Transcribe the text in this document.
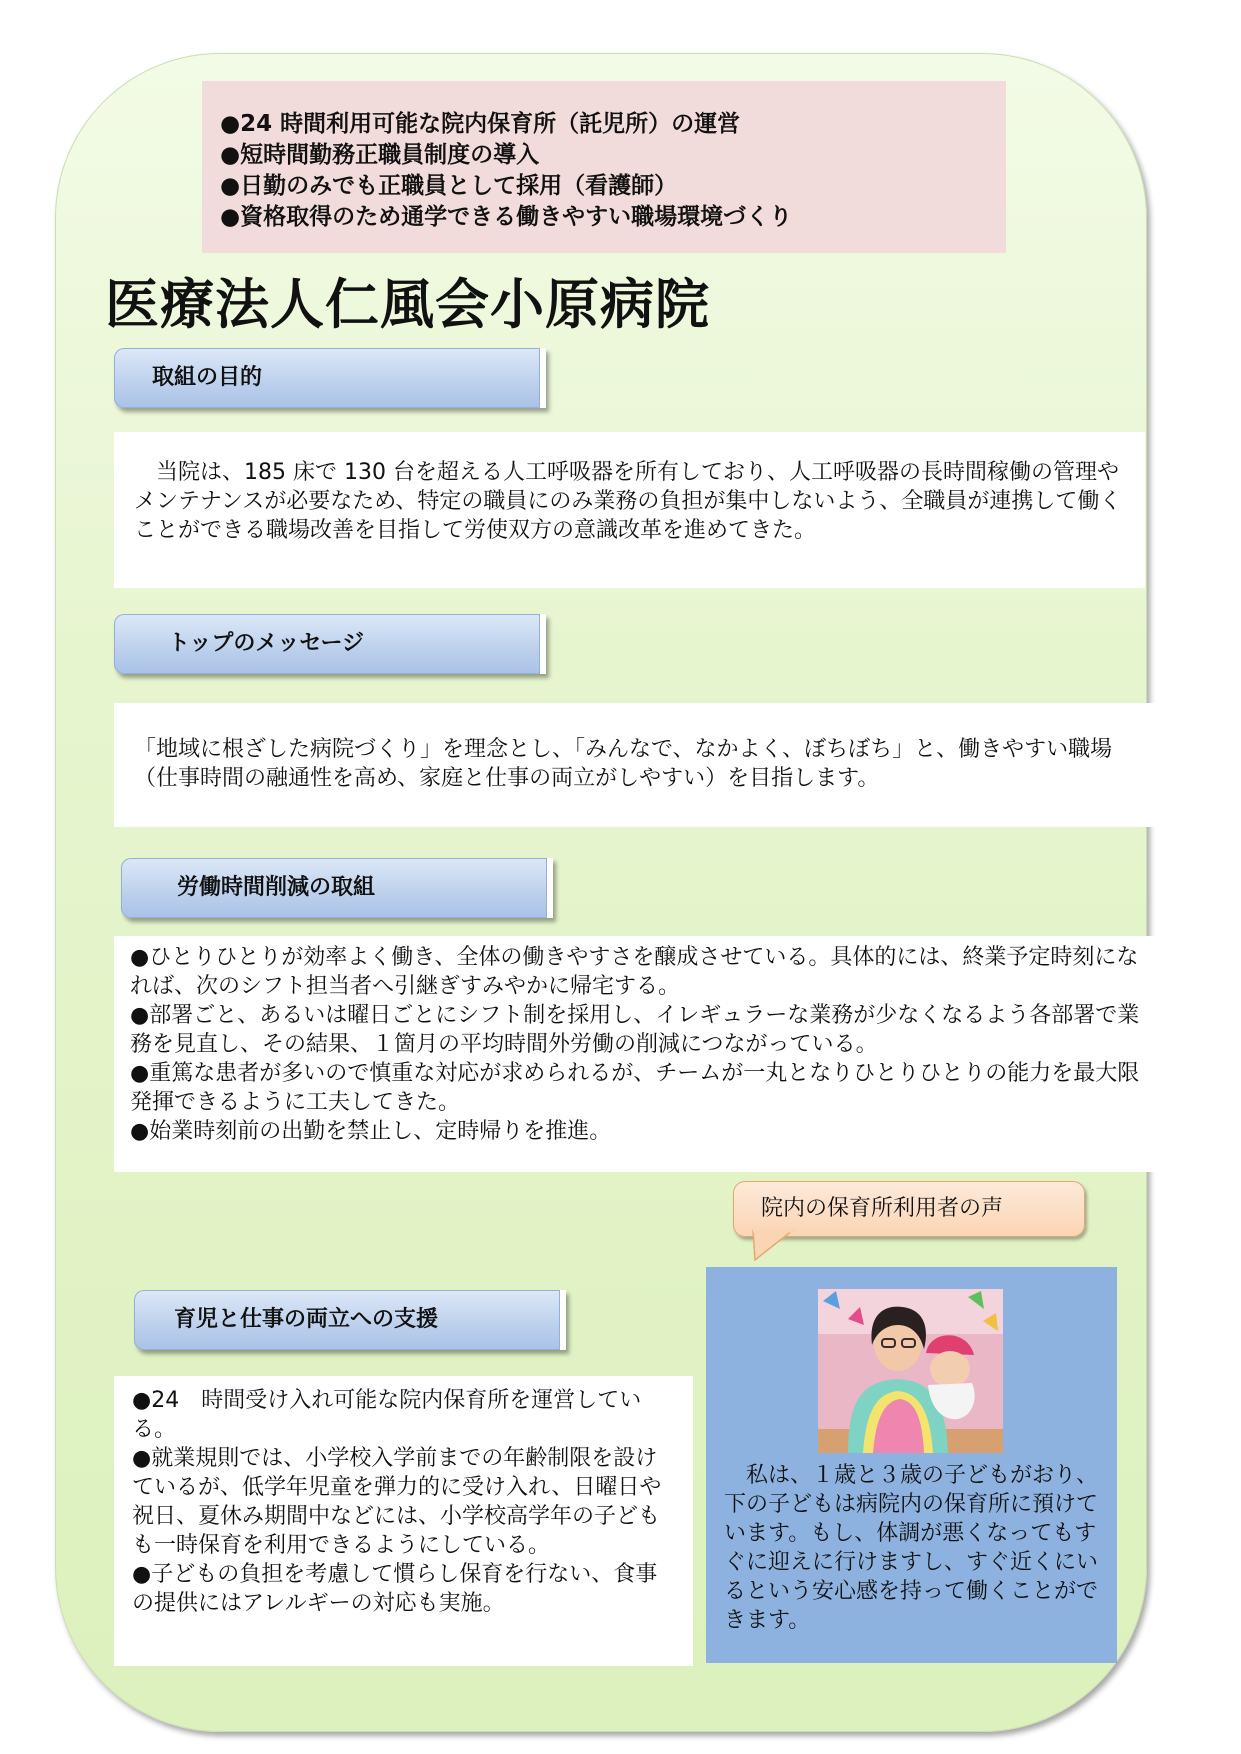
●24 時間利用可能な院内保育所（託児所）の運営
●短時間勤務正職員制度の導入
●日勤のみでも正職員として採用（看護師）
●資格取得のため通学できる働きやすい職場環境づくり
医療法人仁風会小原病院
取組の目的

　当院は、185 床で 130 台を超える人工呼吸器を所有しており、人工呼吸器の長時間稼働の管理やメンテナンスが必要なため、特定の職員にのみ業務の負担が集中しないよう、全職員が連携して働くことができる職場改善を目指して労使双方の意識改革を進めてきた。

トップのメッセージ

「地域に根ざした病院づくり」を理念とし、「みんなで、なかよく、ぼちぼち」と、働きやすい職場（仕事時間の融通性を高め、家庭と仕事の両立がしやすい）を目指します。

労働時間削減の取組

●ひとりひとりが効率よく働き、全体の働きやすさを醸成させている。具体的には、終業予定時刻になれば、次のシフト担当者へ引継ぎすみやかに帰宅する。

●部署ごと、あるいは曜日ごとにシフト制を採用し、イレギュラーな業務が少なくなるよう各部署で業務を見直し、その結果、１箇月の平均時間外労働の削減につながっている。

●重篤な患者が多いので慎重な対応が求められるが、チームが一丸となりひとりひとりの能力を最大限発揮できるように工夫してきた。

●始業時刻前の出勤を禁止し、定時帰りを推進。

育児と仕事の両立への支援

●24　時間受け入れ可能な院内保育所を運営している。

●就業規則では、小学校入学前までの年齢制限を設けているが、低学年児童を弾力的に受け入れ、日曜日や祝日、夏休み期間中などには、小学校高学年の子どもも一時保育を利用できるようにしている。

●子どもの負担を考慮して慣らし保育を行ない、食事の提供にはアレルギーの対応も実施。

院内の保育所利用者の声
　私は、１歳と３歳の子どもがおり、下の子どもは病院内の保育所に預けています。もし、体調が悪くなってもすぐに迎えに行けますし、すぐ近くにいるという安心感を持って働くことができます。
